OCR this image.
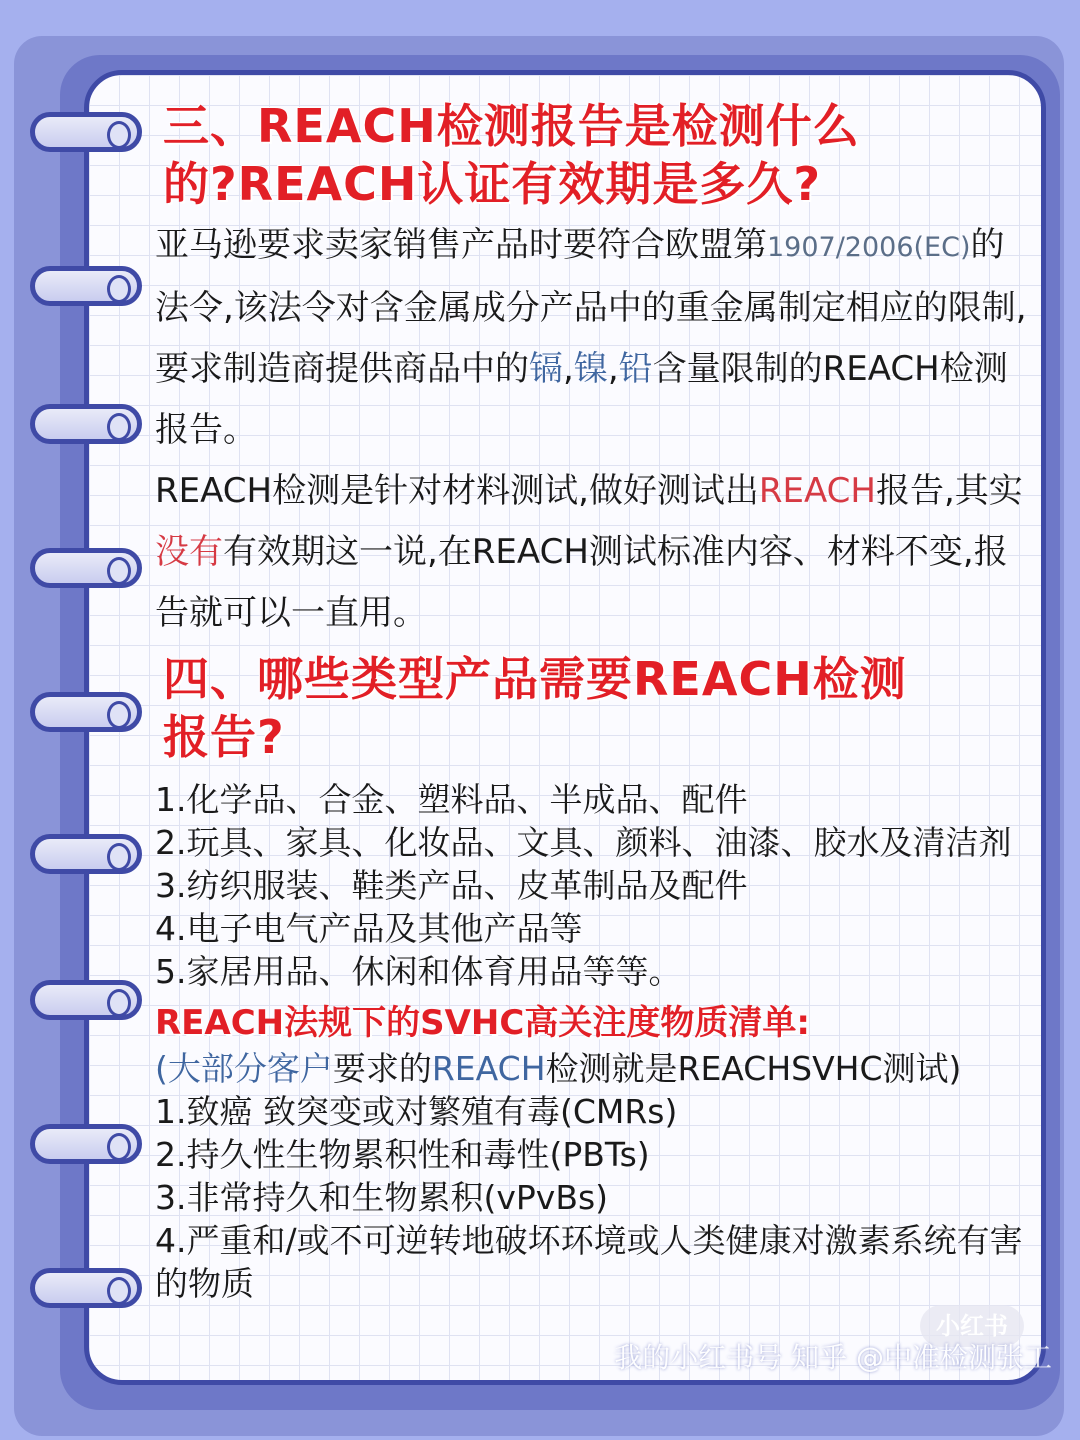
三、REACH检测报告是检测什么
的?REACH认证有效期是多久?

亚马逊要求卖家销售产品时要符合欧盟第1907/2006(EC)的法令,该法令对含金属成分产品中的重金属制定相应的限制,要求制造商提供商品中的镉,镍,铅含量限制的REACH检测报告。

REACH检测是针对材料测试,做好测试出REACH报告,其实没有有效期这一说,在REACH测试标准内容、材料不变,报告就可以一直用。

四、哪些类型产品需要REACH检测
报告?

1.化学品、合金、塑料品、半成品、配件

2.玩具、家具、化妆品、文具、颜料、油漆、胶水及清洁剂

3.纺织服装、鞋类产品、皮革制品及配件

4.电子电气产品及其他产品等

5.家居用品、休闲和体育用品等等。

REACH法规下的SVHC高关注度物质清单:

(大部分客户要求的REACH检测就是REACHSVHC测试)

1.致癌 致突变或对繁殖有毒(CMRs)

2.持久性生物累积性和毒性(PBTs)

3.非常持久和生物累积(vPvBs)

4.严重和/或不可逆转地破坏环境或人类健康对激素系统有害的物质

小红书
我的小红书号 知乎 @中准检测张工
